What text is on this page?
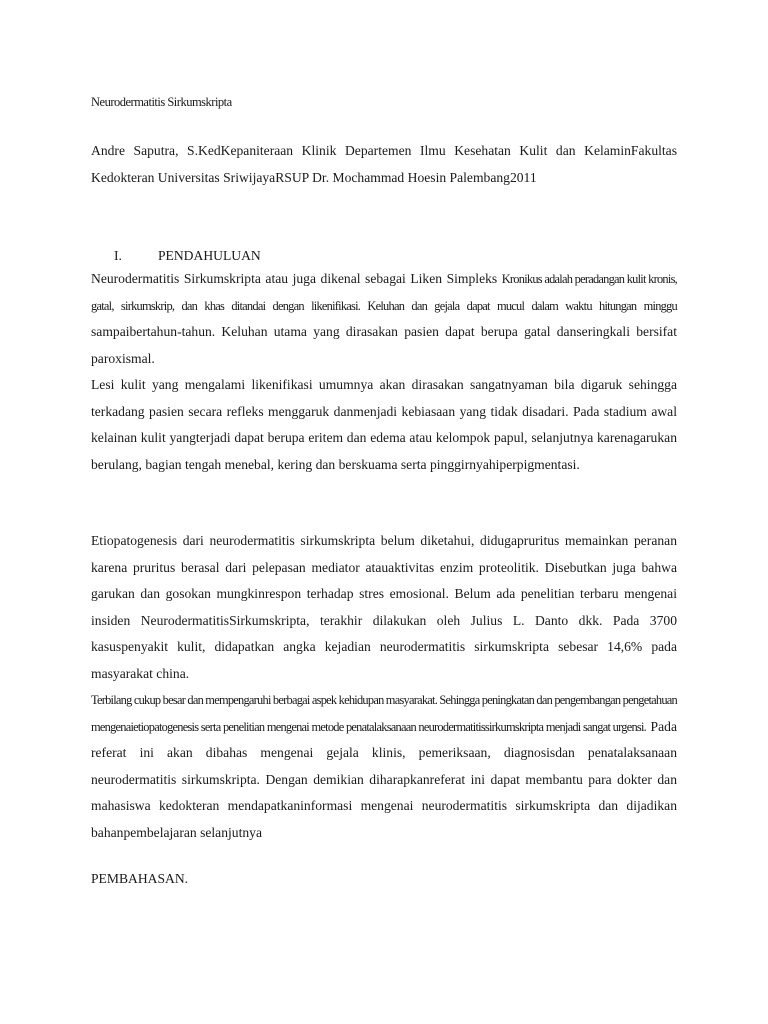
Neurodermatitis Sirkumskripta

Andre Saputra, S.KedKepaniteraan Klinik Departemen Ilmu Kesehatan Kulit dan KelaminFakultas Kedokteran Universitas SriwijayaRSUP Dr. Mochammad Hoesin Palembang2011

I.	PENDAHULUAN

Neurodermatitis Sirkumskripta atau juga dikenal sebagai Liken Simpleks Kronikus adalah peradangan kulit kronis, gatal, sirkumskrip, dan khas ditandai dengan likenifikasi. Keluhan dan gejala dapat mucul dalam waktu hitungan minggu sampaibertahun-tahun. Keluhan utama yang dirasakan pasien dapat berupa gatal danseringkali bersifat paroxismal.
Lesi kulit yang mengalami likenifikasi umumnya akan dirasakan sangatnyaman bila digaruk sehingga terkadang pasien secara refleks menggaruk danmenjadi kebiasaan yang tidak disadari. Pada stadium awal kelainan kulit yangterjadi dapat berupa eritem dan edema atau kelompok papul, selanjutnya karenagarukan berulang, bagian tengah menebal, kering dan berskuama serta pinggirnyahiperpigmentasi.
Etiopatogenesis dari neurodermatitis sirkumskripta belum diketahui, didugapruritus memainkan peranan karena pruritus berasal dari pelepasan mediator atauaktivitas enzim proteolitik. Disebutkan juga bahwa garukan dan gosokan mungkinrespon terhadap stres emosional. Belum ada penelitian terbaru mengenai insiden NeurodermatitisSirkumskripta, terakhir dilakukan oleh Julius L. Danto dkk. Pada 3700 kasuspenyakit kulit, didapatkan angka kejadian neurodermatitis sirkumskripta sebesar 14,6% pada masyarakat china.
Terbilang cukup besar dan mempengaruhi berbagai aspek kehidupan masyarakat. Sehingga peningkatan dan pengembangan pengetahuan mengenaietiopatogenesis serta penelitian mengenai metode penatalaksanaan neurodermatitissirkumskripta menjadi sangat urgensi. Pada referat ini akan dibahas mengenai gejala klinis, pemeriksaan, diagnosisdan penatalaksanaan neurodermatitis sirkumskripta. Dengan demikian diharapkanreferat ini dapat membantu para dokter dan mahasiswa kedokteran mendapatkaninformasi mengenai neurodermatitis sirkumskripta dan dijadikan bahanpembelajaran selanjutnya

PEMBAHASAN.
